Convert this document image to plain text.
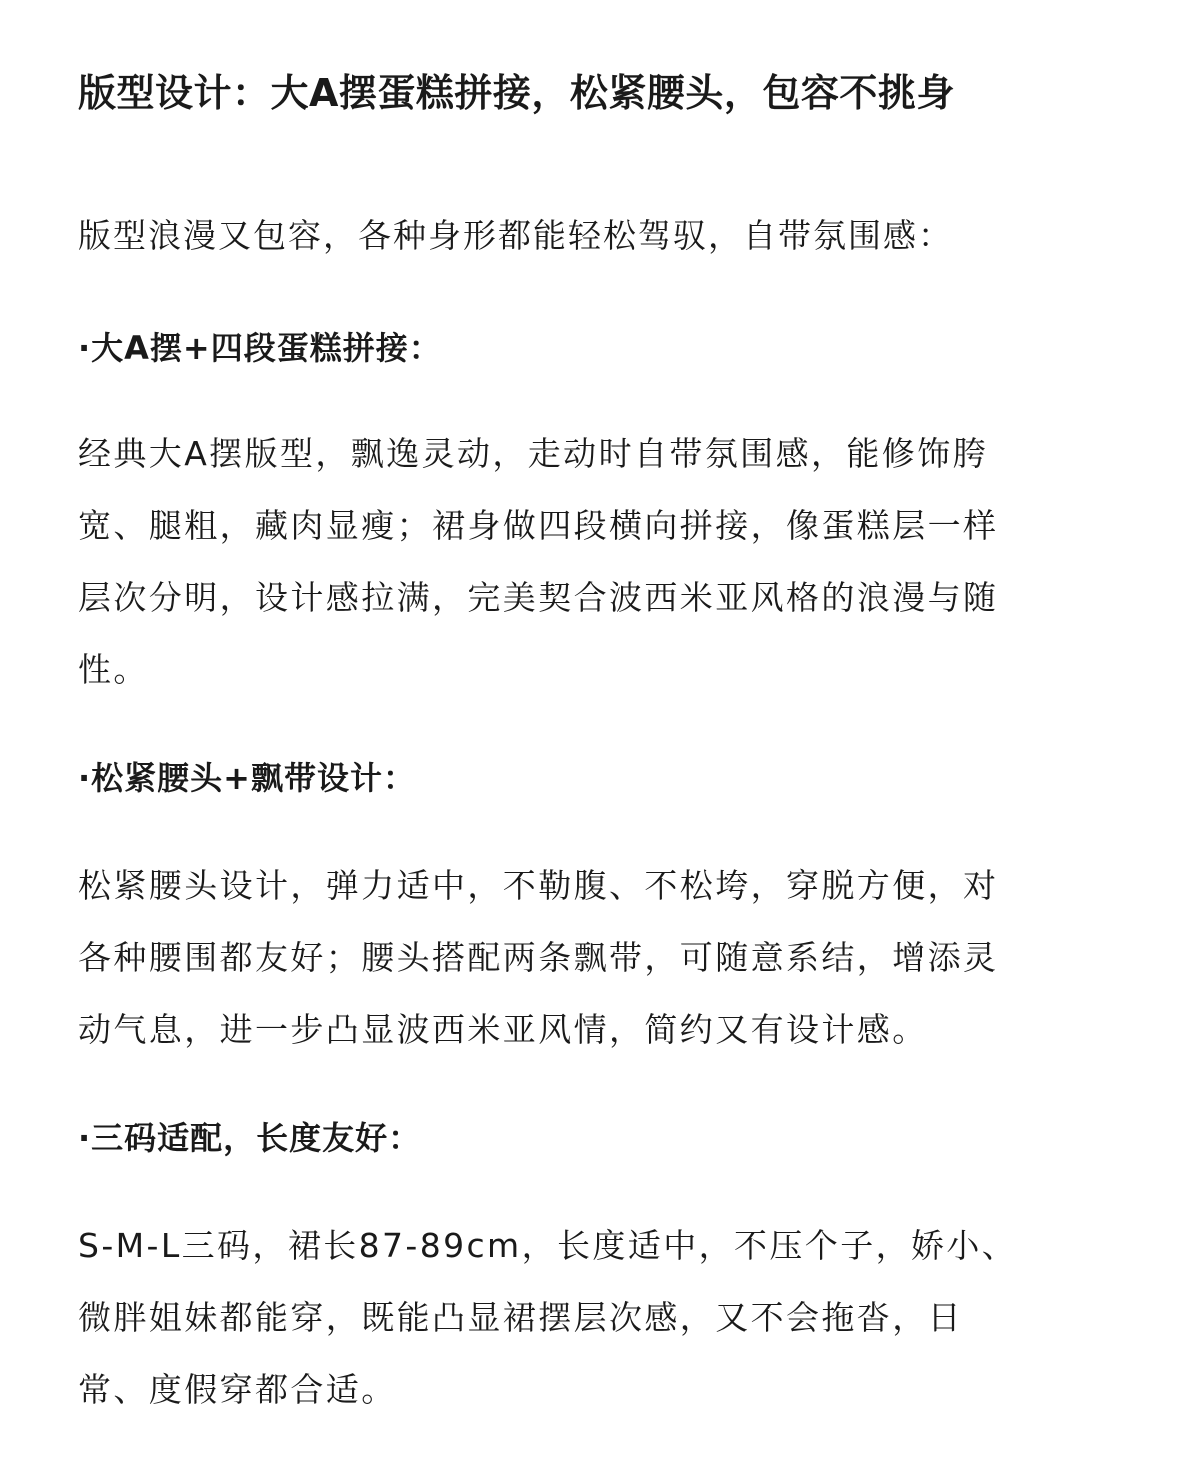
版型设计：大A摆蛋糕拼接，松紧腰头，包容不挑身
版型浪漫又包容，各种身形都能轻松驾驭，自带氛围感：
·大A摆+四段蛋糕拼接：
经典大A摆版型，飘逸灵动，走动时自带氛围感，能修饰胯
宽、腿粗，藏肉显瘦；裙身做四段横向拼接，像蛋糕层一样
层次分明，设计感拉满，完美契合波西米亚风格的浪漫与随
性。
·松紧腰头+飘带设计：
松紧腰头设计，弹力适中，不勒腹、不松垮，穿脱方便，对
各种腰围都友好；腰头搭配两条飘带，可随意系结，增添灵
动气息，进一步凸显波西米亚风情，简约又有设计感。
·三码适配，长度友好：
S-M-L三码，裙长87-89cm，长度适中，不压个子，娇小、
微胖姐妹都能穿，既能凸显裙摆层次感，又不会拖沓，日
常、度假穿都合适。
